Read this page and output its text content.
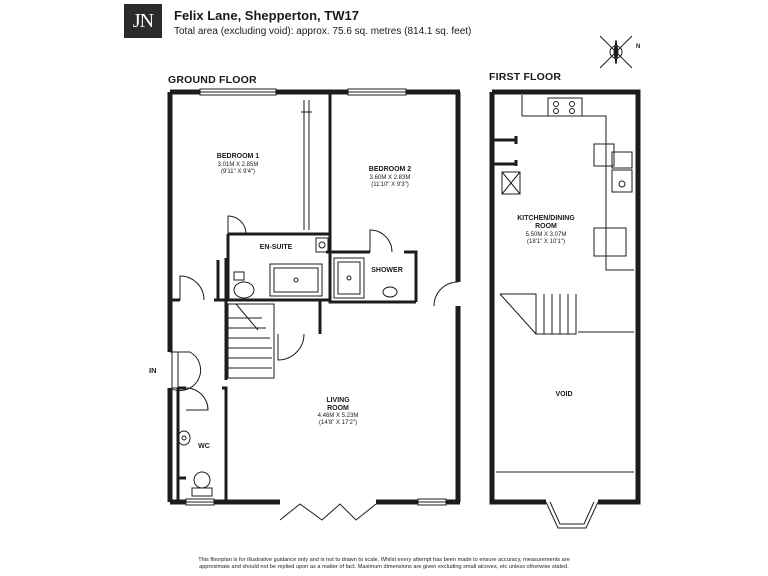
JN Felix Lane, Shepperton, TW17
Total area (excluding void): approx. 75.6 sq. metres (814.1 sq. feet)
GROUND FLOOR	FIRST FLOOR
N
BEDROOM 1
3.01M X 2.85M
(9'11" X 9'4")	BEDROOM 2
3.60M X 2.83M
(11'10" X 9'3")
EN-SUITE
SHOWER
WC
LIVING
ROOM
4.46M X 5.23M
(14'8" X 17'2")
IN
KITCHEN/DINING
ROOM
5.50M X 3.07M
(18'1" X 10'1")
VOID
This floorplan is for illustrative guidance only and is not to drawn to scale. Whilst every attempt has been made to ensure accuracy, measurements are
approximate and should not be replied upon as a matter of fact. Maximum dimensions are given excluding small alcoves, etc unless otherwise stated.
